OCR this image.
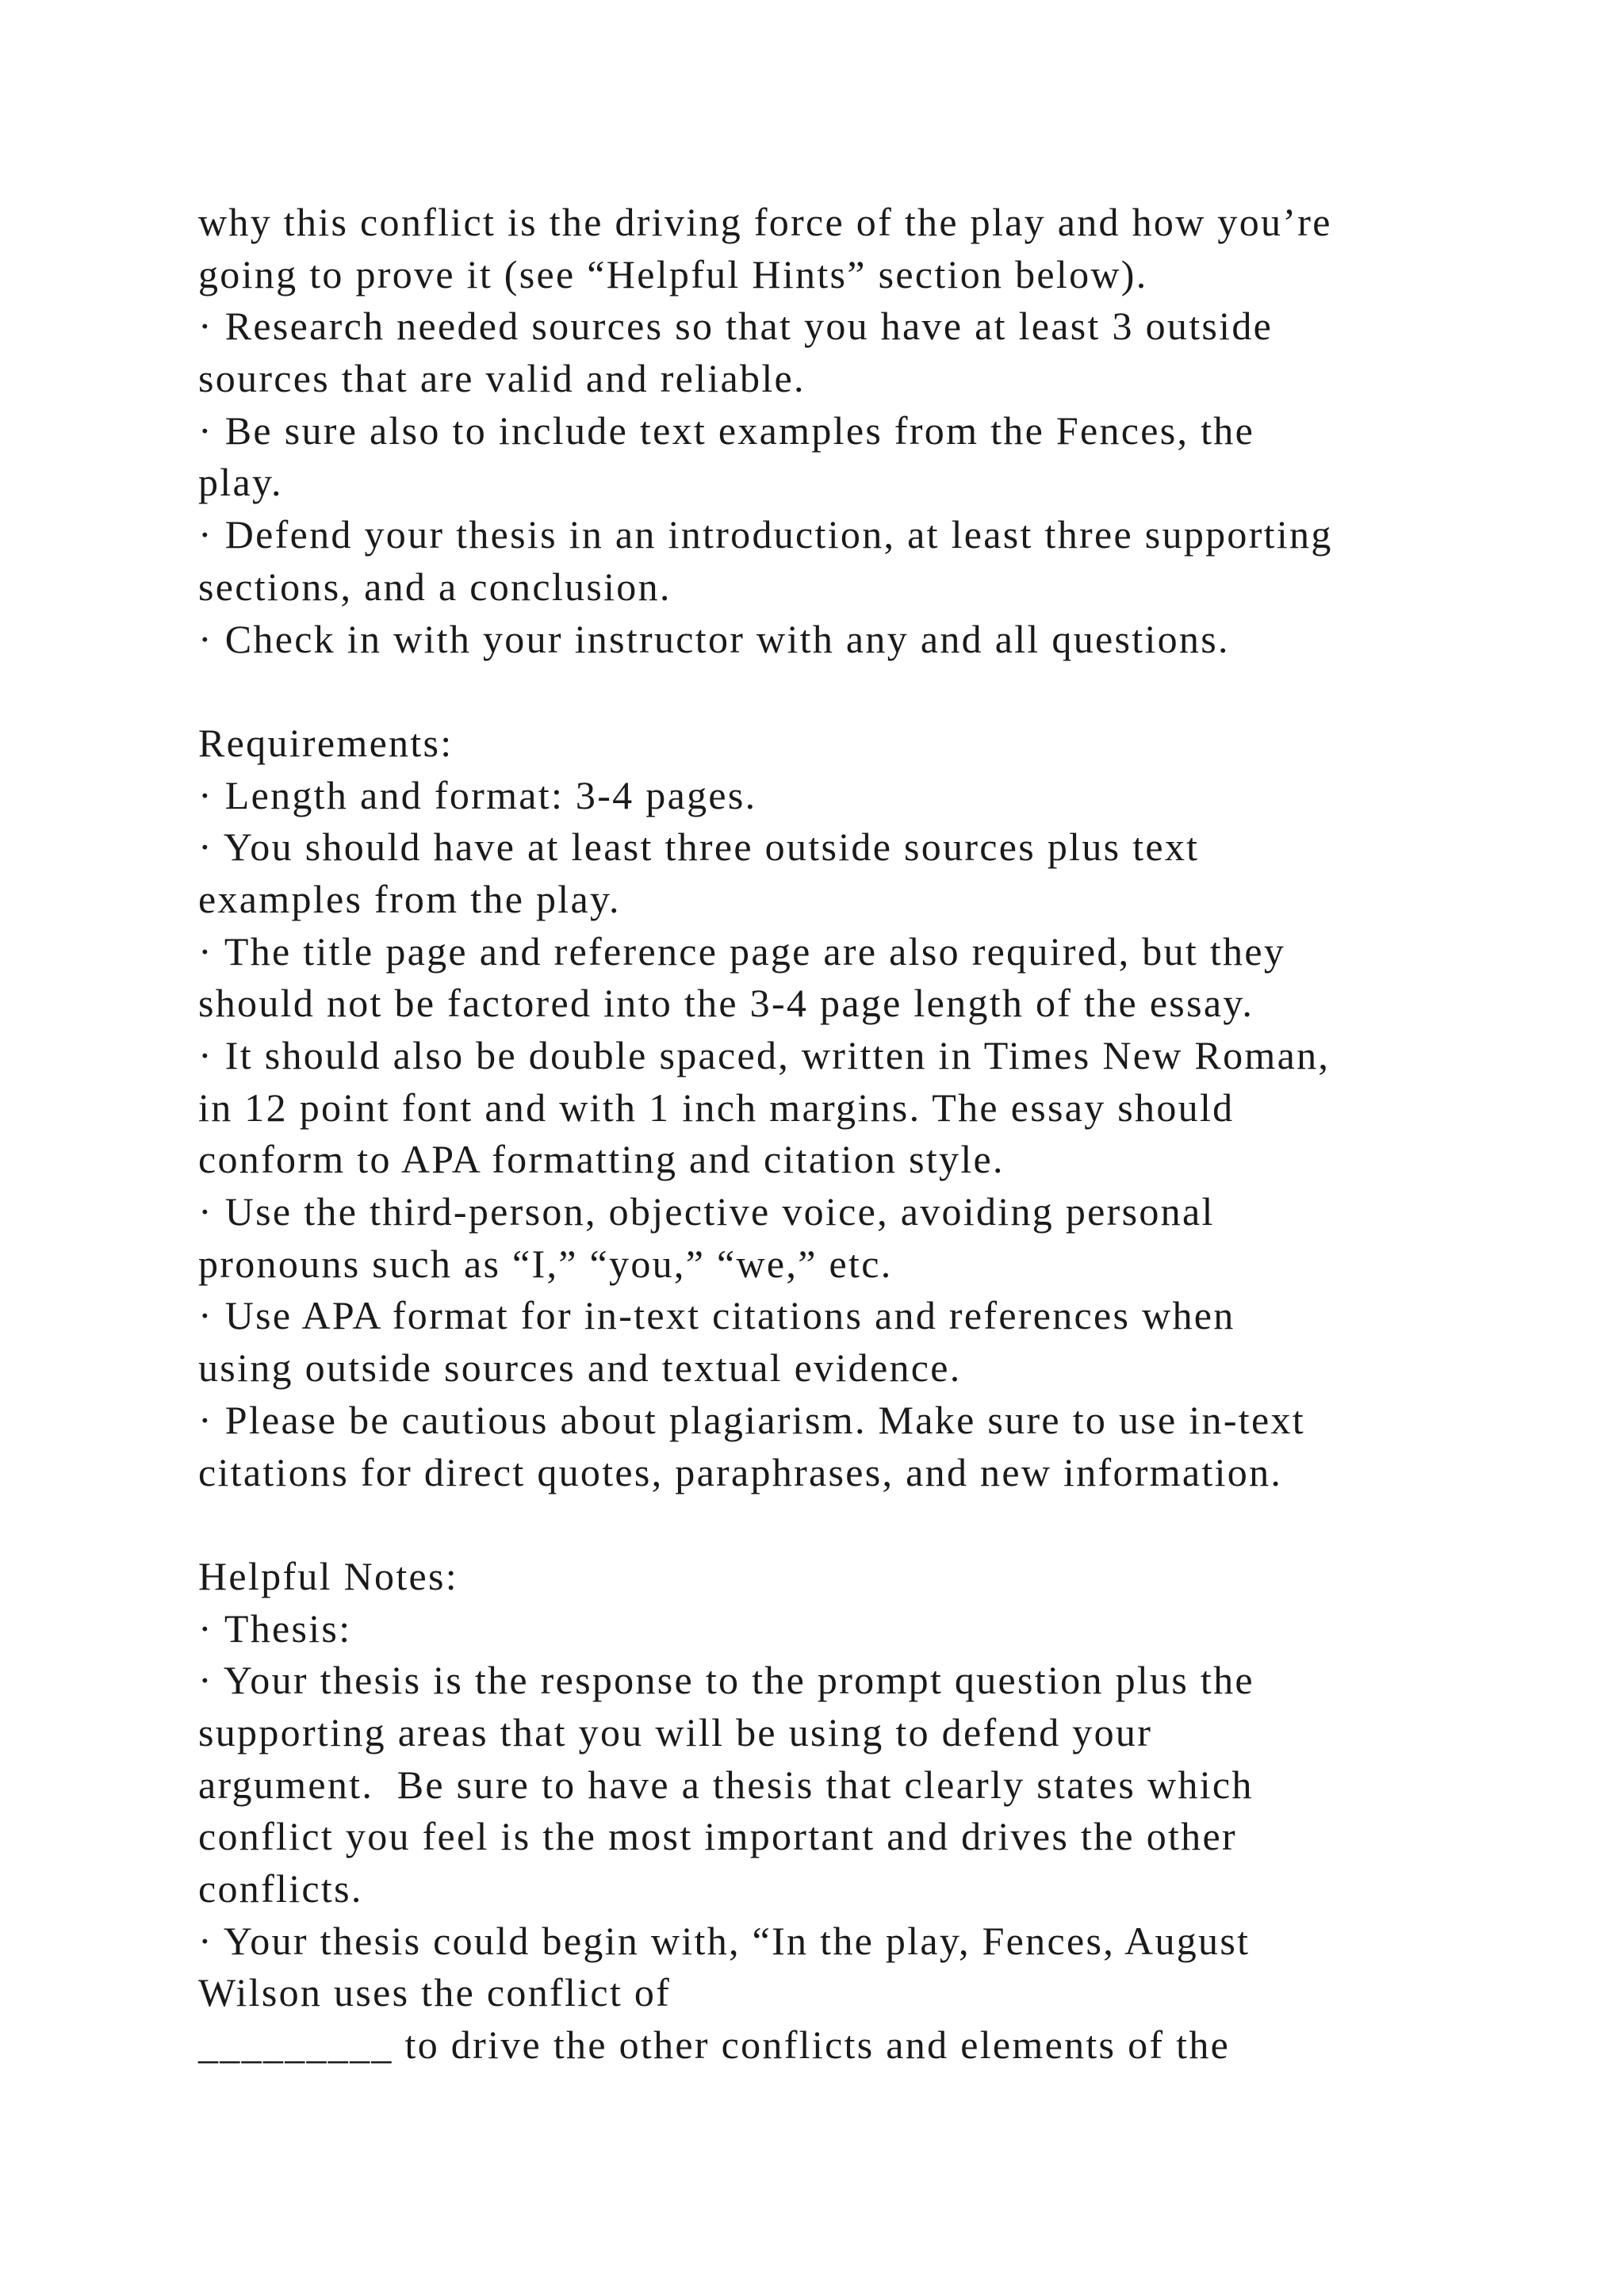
why this conflict is the driving force of the play and how you’re
going to prove it (see “Helpful Hints” section below).
· Research needed sources so that you have at least 3 outside
sources that are valid and reliable.
· Be sure also to include text examples from the Fences, the
play.
· Defend your thesis in an introduction, at least three supporting
sections, and a conclusion.
· Check in with your instructor with any and all questions.
Requirements:
· Length and format: 3-4 pages.
· You should have at least three outside sources plus text
examples from the play.
· The title page and reference page are also required, but they
should not be factored into the 3-4 page length of the essay.
· It should also be double spaced, written in Times New Roman,
in 12 point font and with 1 inch margins. The essay should
conform to APA formatting and citation style.
· Use the third-person, objective voice, avoiding personal
pronouns such as “I,” “you,” “we,” etc.
· Use APA format for in-text citations and references when
using outside sources and textual evidence.
· Please be cautious about plagiarism. Make sure to use in-text
citations for direct quotes, paraphrases, and new information.
Helpful Notes:
· Thesis:
· Your thesis is the response to the prompt question plus the
supporting areas that you will be using to defend your
argument.  Be sure to have a thesis that clearly states which
conflict you feel is the most important and drives the other
conflicts.
· Your thesis could begin with, “In the play, Fences, August
Wilson uses the conflict of
_________ to drive the other conflicts and elements of the
